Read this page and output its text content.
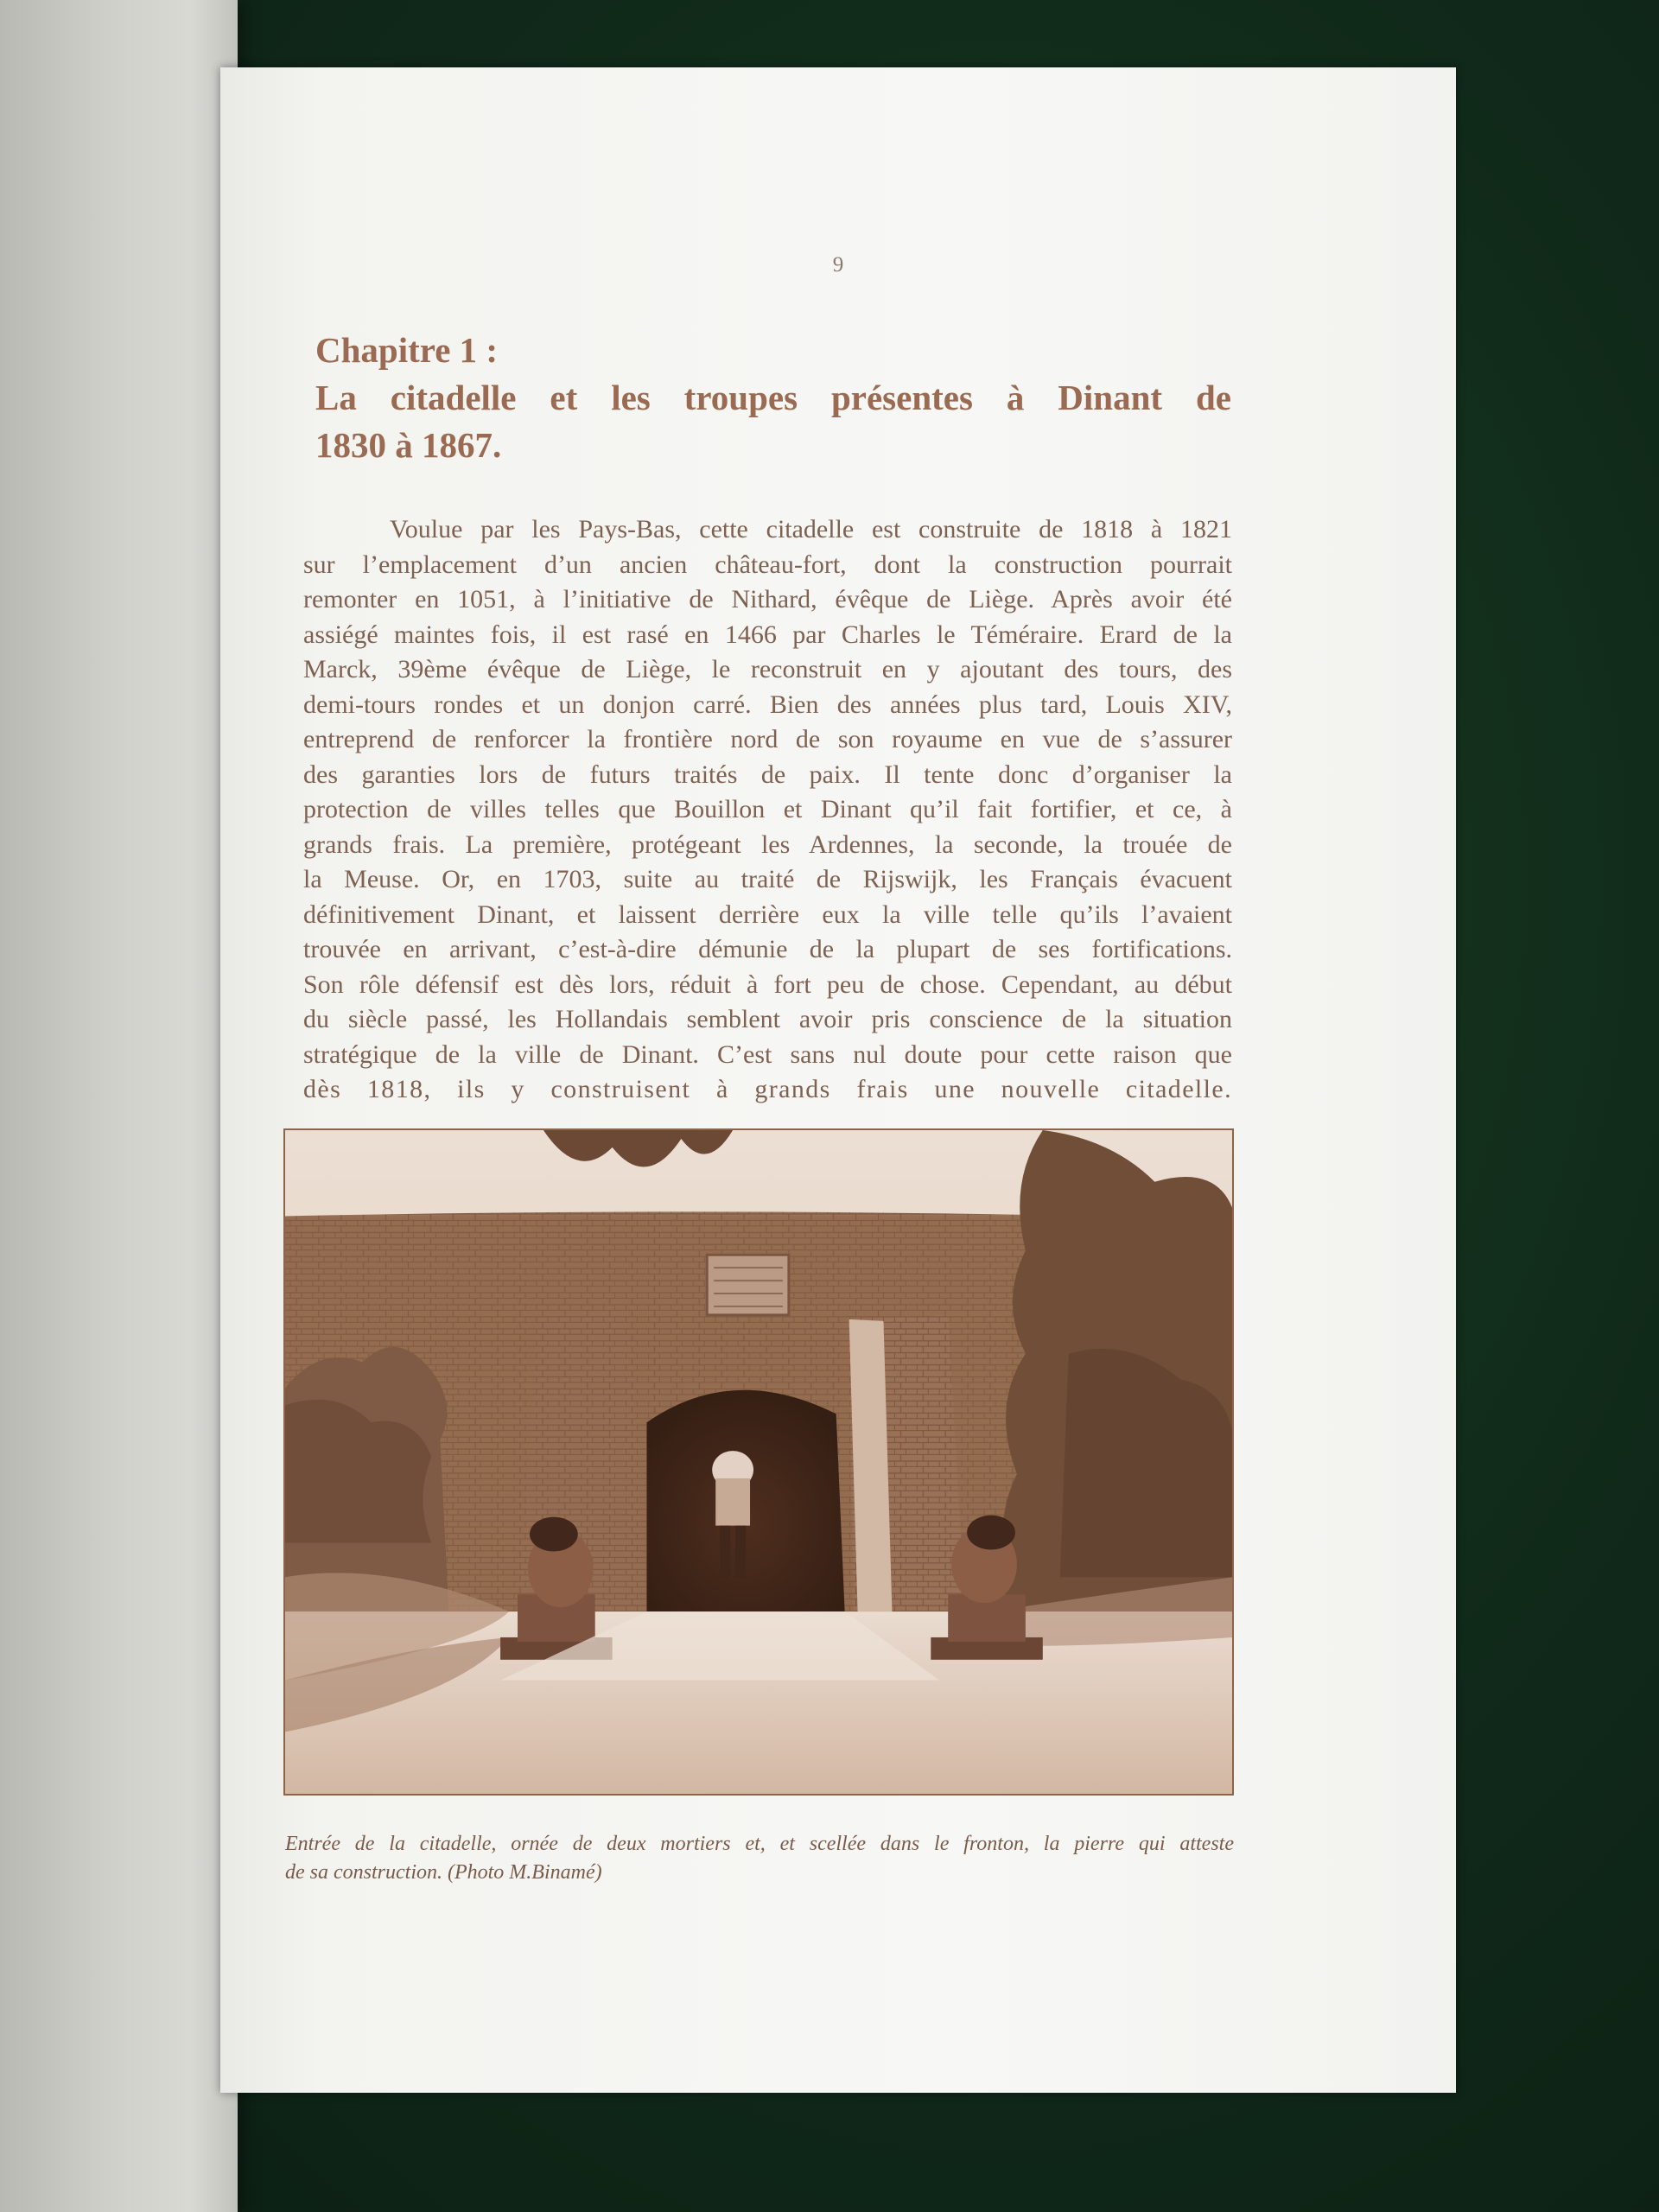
9
Chapitre 1 :
La citadelle et les troupes présentes à Dinant de
1830 à 1867.
Voulue par les Pays-Bas, cette citadelle est construite de 1818 à 1821
sur l’emplacement d’un ancien château-fort, dont la construction pourrait
remonter en 1051, à l’initiative de Nithard, évêque de Liège. Après avoir été
assiégé maintes fois, il est rasé en 1466 par Charles le Téméraire. Erard de la
Marck, 39ème évêque de Liège, le reconstruit en y ajoutant des tours, des
demi-tours rondes et un donjon carré. Bien des années plus tard, Louis XIV,
entreprend de renforcer la frontière nord de son royaume en vue de s’assurer
des garanties lors de futurs traités de paix. Il tente donc d’organiser la
protection de villes telles que Bouillon et Dinant qu’il fait fortifier, et ce, à
grands frais. La première, protégeant les Ardennes, la seconde, la trouée de
la Meuse. Or, en 1703, suite au traité de Rijswijk, les Français évacuent
définitivement Dinant, et laissent derrière eux la ville telle qu’ils l’avaient
trouvée en arrivant, c’est-à-dire démunie de la plupart de ses fortifications.
Son rôle défensif est dès lors, réduit à fort peu de chose. Cependant, au début
du siècle passé, les Hollandais semblent avoir pris conscience de la situation
stratégique de la ville de Dinant. C’est sans nul doute pour cette raison que
dès 1818, ils y construisent à grands frais une nouvelle citadelle.
Entrée de la citadelle, ornée de deux mortiers et, et scellée dans le fronton, la pierre qui atteste
de sa construction. (Photo M.Binamé)
